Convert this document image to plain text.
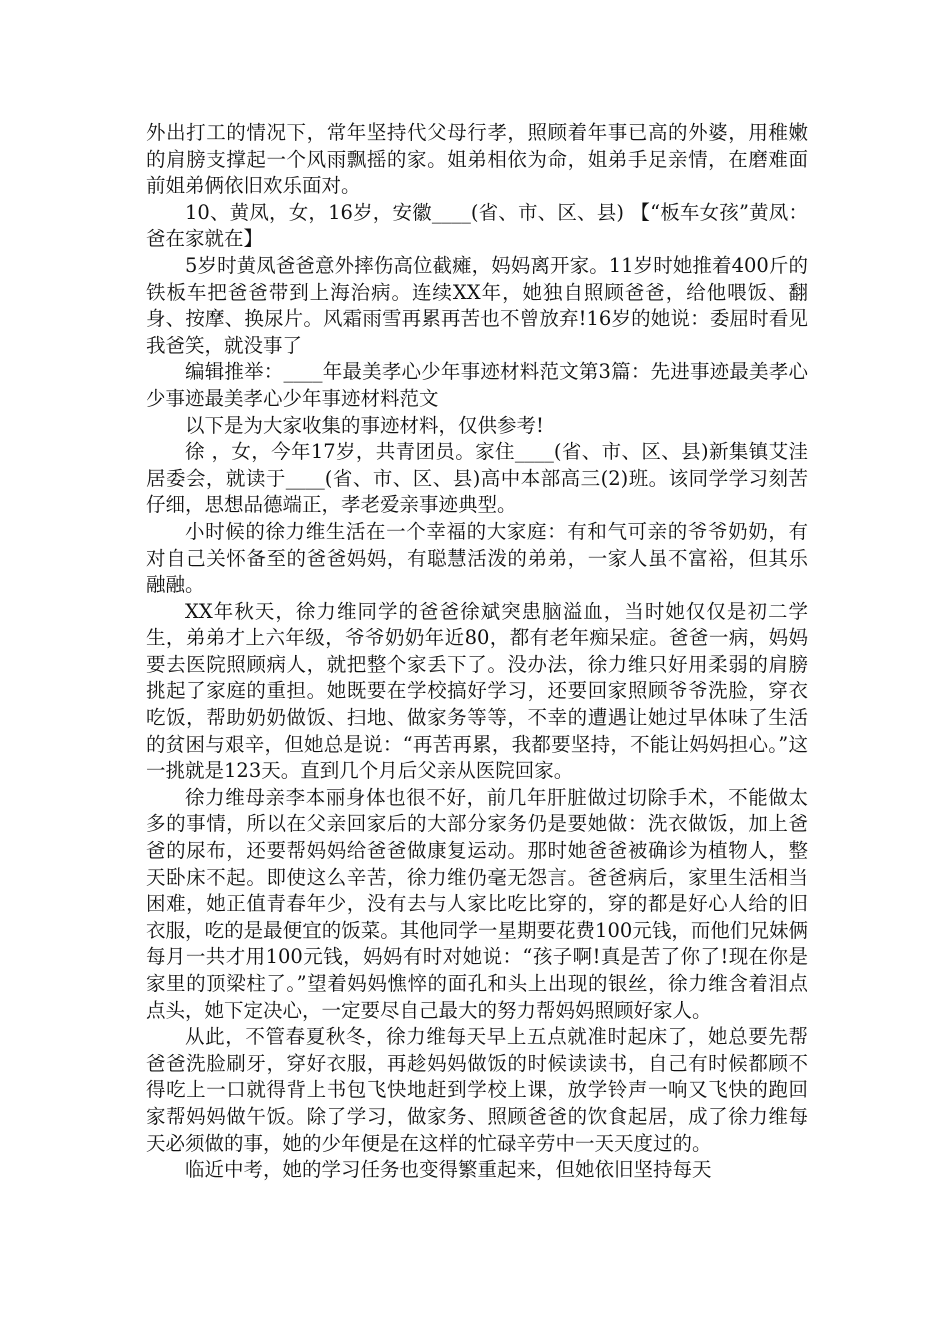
外出打工的情况下，常年坚持代父母行孝，照顾着年事已高的外婆，用稚嫩的肩膀支撑起一个风雨飘摇的家。姐弟相依为命，姐弟手足亲情，在磨难面前姐弟俩依旧欢乐面对。

10、黄凤，女，16岁，安徽____(省、市、区、县) 【“板车女孩”黄凤：爸在家就在】

5岁时黄凤爸爸意外摔伤高位截瘫，妈妈离开家。11岁时她推着400斤的铁板车把爸爸带到上海治病。连续XX年，她独自照顾爸爸，给他喂饭、翻身、按摩、换尿片。风霜雨雪再累再苦也不曾放弃!16岁的她说：委屈时看见我爸笑，就没事了

编辑推举：____年最美孝心少年事迹材料范文第3篇：先进事迹最美孝心少事迹最美孝心少年事迹材料范文

以下是为大家收集的事迹材料，仅供参考!

徐 ，女，今年17岁，共青团员。家住____(省、市、区、县)新集镇艾洼居委会，就读于____(省、市、区、县)高中本部高三(2)班。该同学学习刻苦仔细，思想品德端正，孝老爱亲事迹典型。

小时候的徐力维生活在一个幸福的大家庭：有和气可亲的爷爷奶奶，有对自己关怀备至的爸爸妈妈，有聪慧活泼的弟弟，一家人虽不富裕，但其乐融融。

XX年秋天，徐力维同学的爸爸徐斌突患脑溢血，当时她仅仅是初二学生，弟弟才上六年级，爷爷奶奶年近80，都有老年痴呆症。爸爸一病，妈妈要去医院照顾病人，就把整个家丢下了。没办法，徐力维只好用柔弱的肩膀挑起了家庭的重担。她既要在学校搞好学习，还要回家照顾爷爷洗脸，穿衣吃饭，帮助奶奶做饭、扫地、做家务等等，不幸的遭遇让她过早体味了生活的贫困与艰辛，但她总是说：“再苦再累，我都要坚持，不能让妈妈担心。”这一挑就是123天。直到几个月后父亲从医院回家。

徐力维母亲李本丽身体也很不好，前几年肝脏做过切除手术，不能做太多的事情，所以在父亲回家后的大部分家务仍是要她做：洗衣做饭，加上爸爸的尿布，还要帮妈妈给爸爸做康复运动。那时她爸爸被确诊为植物人，整天卧床不起。即使这么辛苦，徐力维仍毫无怨言。爸爸病后，家里生活相当困难，她正值青春年少，没有去与人家比吃比穿的，穿的都是好心人给的旧衣服，吃的是最便宜的饭菜。其他同学一星期要花费100元钱，而他们兄妹俩每月一共才用100元钱，妈妈有时对她说：“孩子啊!真是苦了你了!现在你是家里的顶梁柱了。”望着妈妈憔悴的面孔和头上出现的银丝，徐力维含着泪点点头，她下定决心，一定要尽自己最大的努力帮妈妈照顾好家人。

从此，不管春夏秋冬，徐力维每天早上五点就准时起床了，她总要先帮爸爸洗脸刷牙，穿好衣服，再趁妈妈做饭的时候读读书，自己有时候都顾不得吃上一口就得背上书包飞快地赶到学校上课，放学铃声一响又飞快的跑回家帮妈妈做午饭。除了学习，做家务、照顾爸爸的饮食起居，成了徐力维每天必须做的事，她的少年便是在这样的忙碌辛劳中一天天度过的。

临近中考，她的学习任务也变得繁重起来，但她依旧坚持每天
